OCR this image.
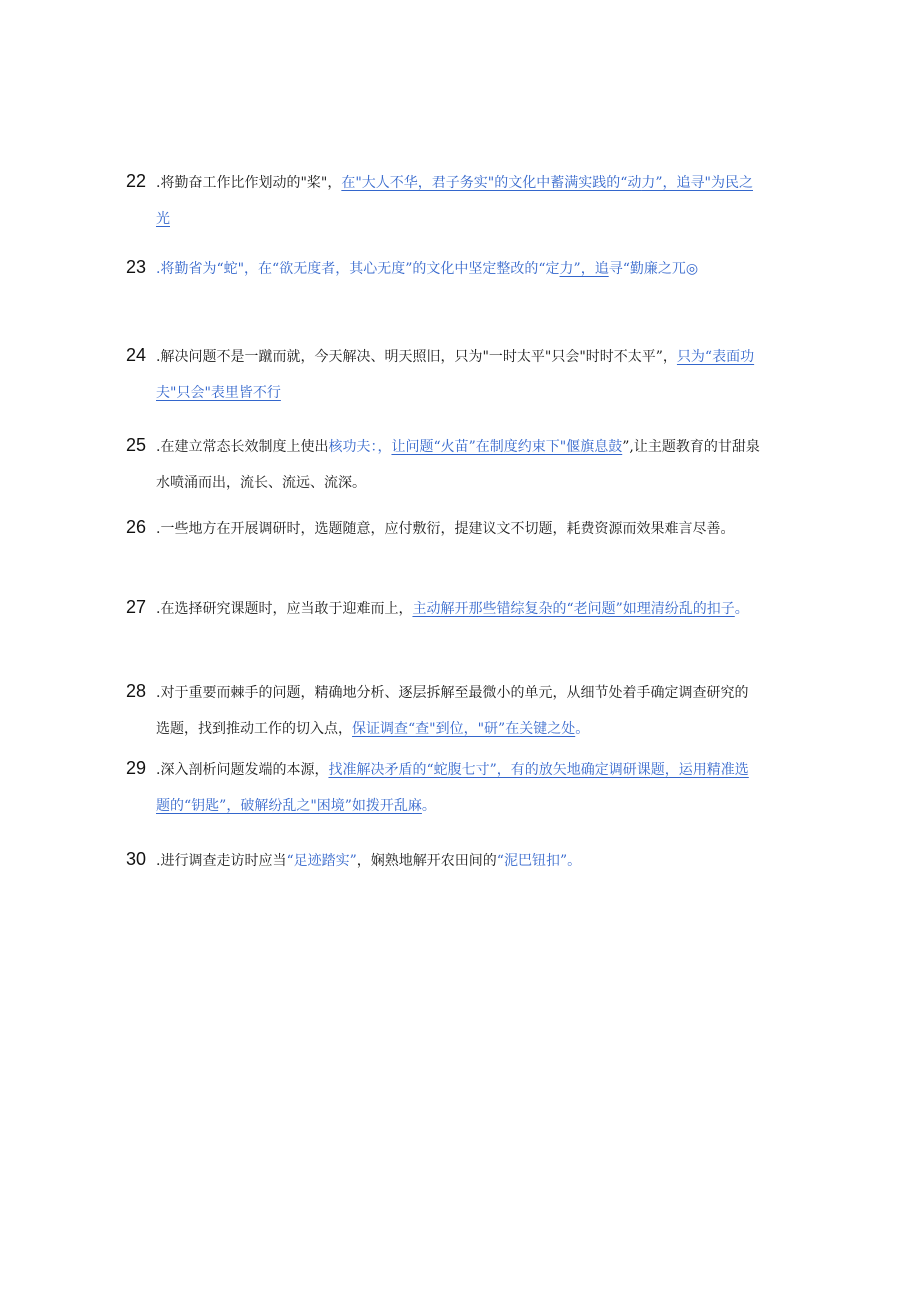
22 .将勤奋工作比作划动的"桨"，在"大人不华，君子务实"的文化中蓄满实践的“动力”，追寻"为民之光
23 .将勤省为“蛇"，在“欲无度者，其心无度”的文化中坚定整改的“定力”，追寻“勤廉之兀◎
24 .解决问题不是一蹴而就，今天解决、明天照旧，只为"一时太平"只会"时时不太平”，只为“表面功夫"只会"表里皆不行
25 .在建立常态长效制度上使出核功夫：，让问题“火苗”在制度约束下"偃旗息鼓”,让主题教育的甘甜泉水喷涌而出，流长、流远、流深。
26 .一些地方在开展调研时，选题随意，应付敷衍，提建议文不切题，耗费资源而效果难言尽善。
27 .在选择研究课题时，应当敢于迎难而上，主动解开那些错综复杂的“老问题”如理清纷乱的扣子。
28 .对于重要而棘手的问题，精确地分析、逐层拆解至最微小的单元，从细节处着手确定调查研究的选题，找到推动工作的切入点，保证调查“查"到位，"研”在关键之处。
29 .深入剖析问题发端的本源，找准解决矛盾的“蛇腹七寸”，有的放矢地确定调研课题，运用精准选题的“钥匙”，破解纷乱之"困境”如拨开乱麻。
30 .进行调查走访时应当“足迹踏实”，娴熟地解开农田间的“泥巴钮扣”。
